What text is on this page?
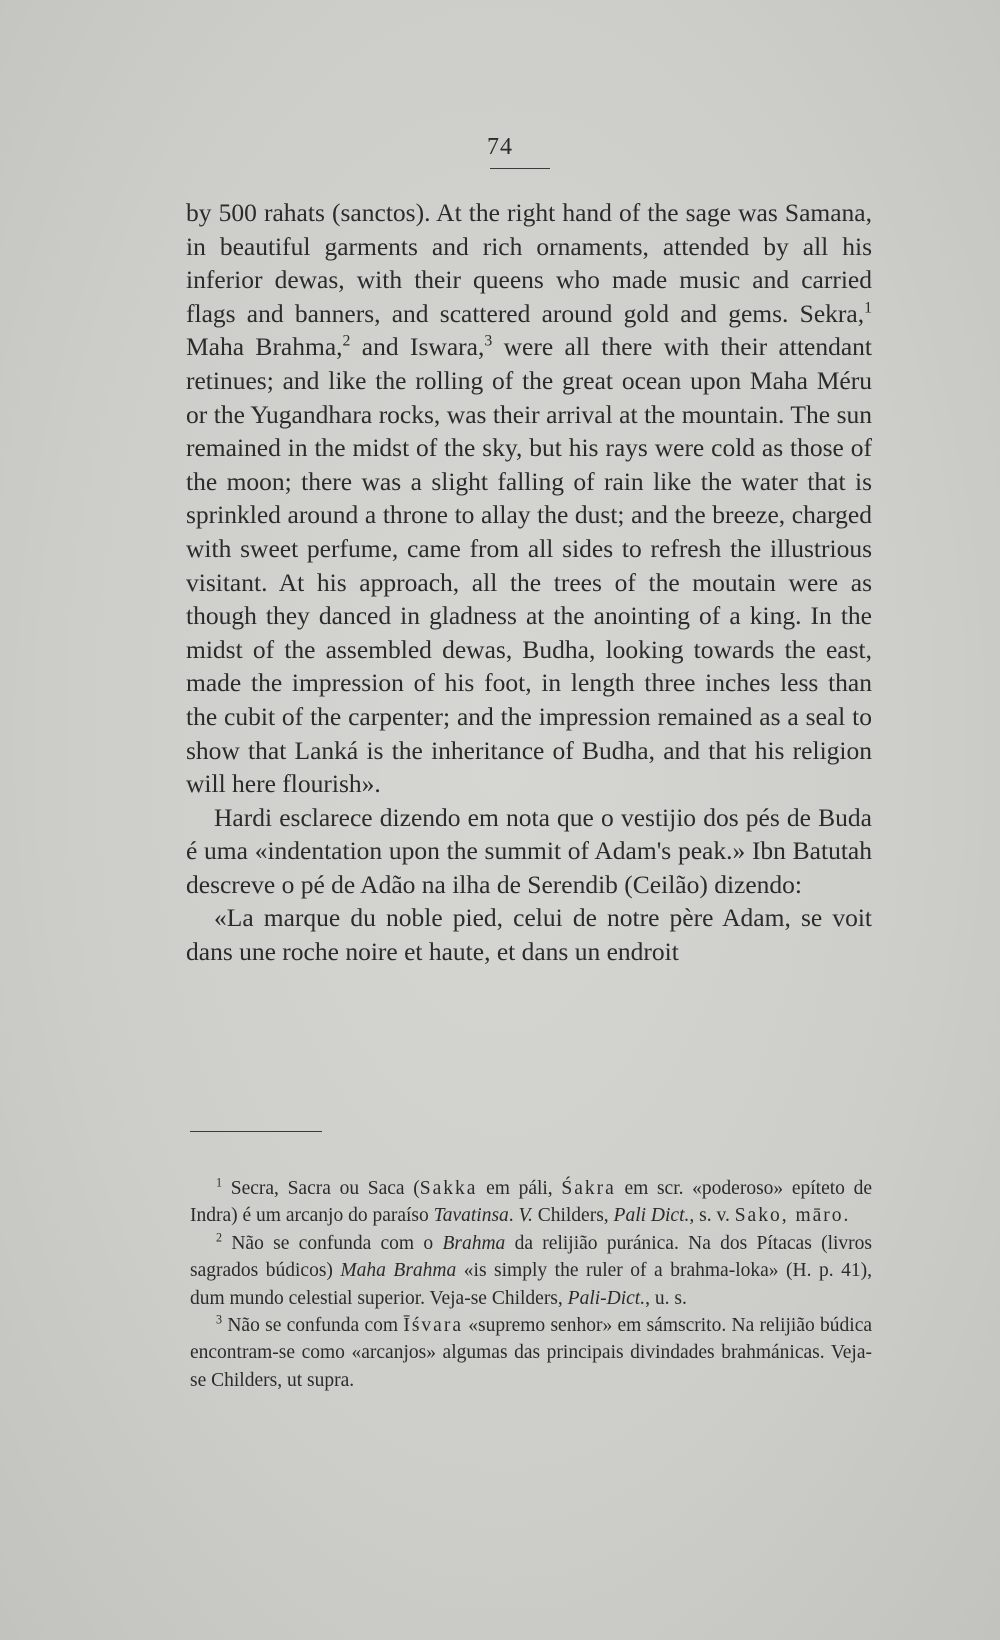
74

by 500 rahats (sanctos). At the right hand of the sage was Samana, in beautiful garments and rich ornaments, attended by all his inferior dewas, with their queens who made music and carried flags and banners, and scattered around gold and gems. Sekra,$^1$ Maha Brahma,$^2$ and Iswara,$^3$ were all there with their attendant retinues; and like the rolling of the great ocean upon Maha Méru or the Yugandhara rocks, was their arrival at the mountain. The sun remained in the midst of the sky, but his rays were cold as those of the moon; there was a slight falling of rain like the water that is sprinkled around a throne to allay the dust; and the breeze, charged with sweet perfume, came from all sides to refresh the illustrious visitant. At his approach, all the trees of the moutain were as though they danced in gladness at the anointing of a king. In the midst of the assembled dewas, Budha, looking towards the east, made the impression of his foot, in length three inches less than the cubit of the carpenter; and the impression remained as a seal to show that Lanká is the inheritance of Budha, and that his religion will here flourish».

Hardi esclarece dizendo em nota que o vestijio dos pés de Buda é uma «indentation upon the summit of Adam's peak.» Ibn Batutah descreve o pé de Adão na ilha de Serendib (Ceilão) dizendo:

«La marque du noble pied, celui de notre père Adam, se voit dans une roche noire et haute, et dans un endroit

$^1$ Secra, Sacra ou Saca (Sakka em páli, Śakra em scr. «poderoso» epíteto de Indra) é um arcanjo do paraíso Tavatinsa. V. Childers, Pali Dict., s. v. Sako, māro.

$^2$ Não se confunda com o Brahma da relijião puránica. Na dos Pítacas (livros sagrados búdicos) Maha Brahma «is simply the ruler of a brahma-loka» (H. p. 41), dum mundo celestial superior. Veja-se Childers, Pali-Dict., u. s.

$^3$ Não se confunda com Īśvara «supremo senhor» em sámscrito. Na relijião búdica encontram-se como «arcanjos» algumas das principais divindades brahmánicas. Veja-se Childers, ut supra.
